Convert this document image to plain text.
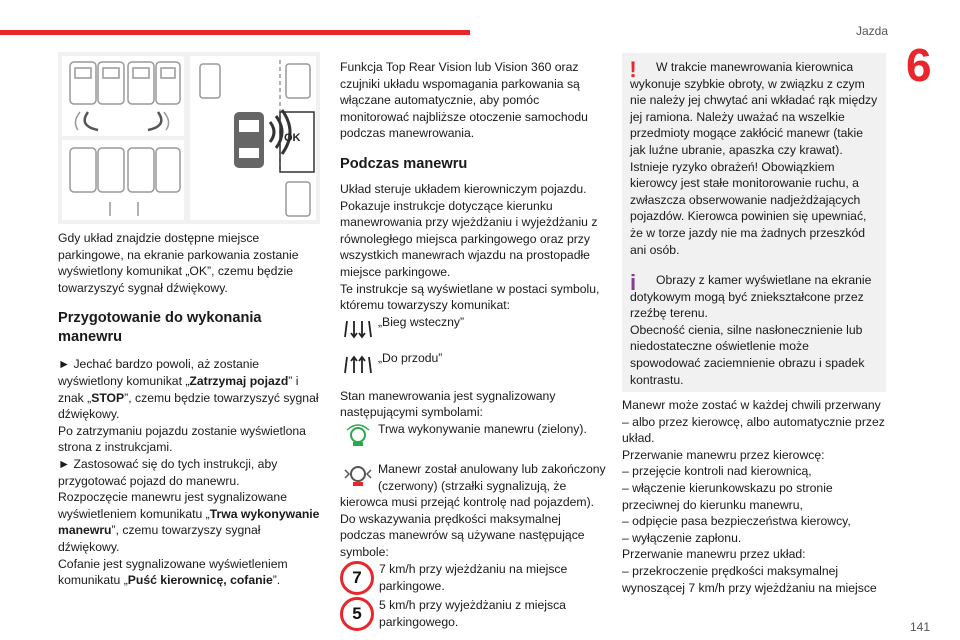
Jazda
6
OK

Gdy układ znajdzie dostępne miejsce parkingowe, na ekranie parkowania zostanie wyświetlony komunikat „OK”, czemu będzie towarzyszyć sygnał dźwiękowy.

Przygotowanie do wykonania manewru

► Jechać bardzo powoli, aż zostanie wyświetlony komunikat „Zatrzymaj pojazd” i znak „STOP”, czemu będzie towarzyszyć sygnał dźwiękowy.

Po zatrzymaniu pojazdu zostanie wyświetlona strona z instrukcjami.

► Zastosować się do tych instrukcji, aby przygotować pojazd do manewru.

Rozpoczęcie manewru jest sygnalizowane wyświetleniem komunikatu „Trwa wykonywanie manewru”, czemu towarzyszy sygnał dźwiękowy.

Cofanie jest sygnalizowane wyświetleniem komunikatu „Puść kierownicę, cofanie”.

Funkcja Top Rear Vision lub Vision 360 oraz czujniki układu wspomagania parkowania są włączane automatycznie, aby pomóc monitorować najbliższe otoczenie samochodu podczas manewrowania.

Podczas manewru

Układ steruje układem kierowniczym pojazdu. Pokazuje instrukcje dotyczące kierunku manewrowania przy wjeżdżaniu i wyjeżdżaniu z równoległego miejsca parkingowego oraz przy wszystkich manewrach wjazdu na prostopadłe miejsce parkingowe.

Te instrukcje są wyświetlane w postaci symbolu, któremu towarzyszy komunikat:

„Bieg wsteczny”
„Do przodu”

Stan manewrowania jest sygnalizowany następującymi symbolami:

Trwa wykonywanie manewru (zielony).
Manewr został anulowany lub zakończony (czerwony) (strzałki sygnalizują, że kierowca musi przejąć kontrolę nad pojazdem).

Do wskazywania prędkości maksymalnej podczas manewrów są używane następujące symbole:

7	7 km/h przy wjeżdżaniu na miejsce parkingowe.
5	5 km/h przy wyjeżdżaniu z miejsca parkingowego.
!	W trakcie manewrowania kierownica wykonuje szybkie obroty, w związku z czym nie należy jej chwytać ani wkładać rąk między jej ramiona. Należy uważać na wszelkie przedmioty mogące zakłócić manewr (takie jak luźne ubranie, apaszka czy krawat). Istnieje ryzyko obrażeń! Obowiązkiem kierowcy jest stałe monitorowanie ruchu, a zwłaszcza obserwowanie nadjeżdżających pojazdów. Kierowca powinien się upewniać, że w torze jazdy nie ma żadnych przeszkód ani osób.

i	Obrazy z kamer wyświetlane na ekranie dotykowym mogą być zniekształcone przez rzeźbę terenu.

Obecność cienia, silne nasłonecznienie lub niedostateczne oświetlenie może spowodować zaciemnienie obrazu i spadek kontrastu.

Manewr może zostać w każdej chwili przerwany – albo przez kierowcę, albo automatycznie przez układ.

Przerwanie manewru przez kierowcę:

– przejęcie kontroli nad kierownicą,

– włączenie kierunkowskazu po stronie przeciwnej do kierunku manewru,

– odpięcie pasa bezpieczeństwa kierowcy,

– wyłączenie zapłonu.

Przerwanie manewru przez układ:

– przekroczenie prędkości maksymalnej wynoszącej 7 km/h przy wjeżdżaniu na miejsce

141
